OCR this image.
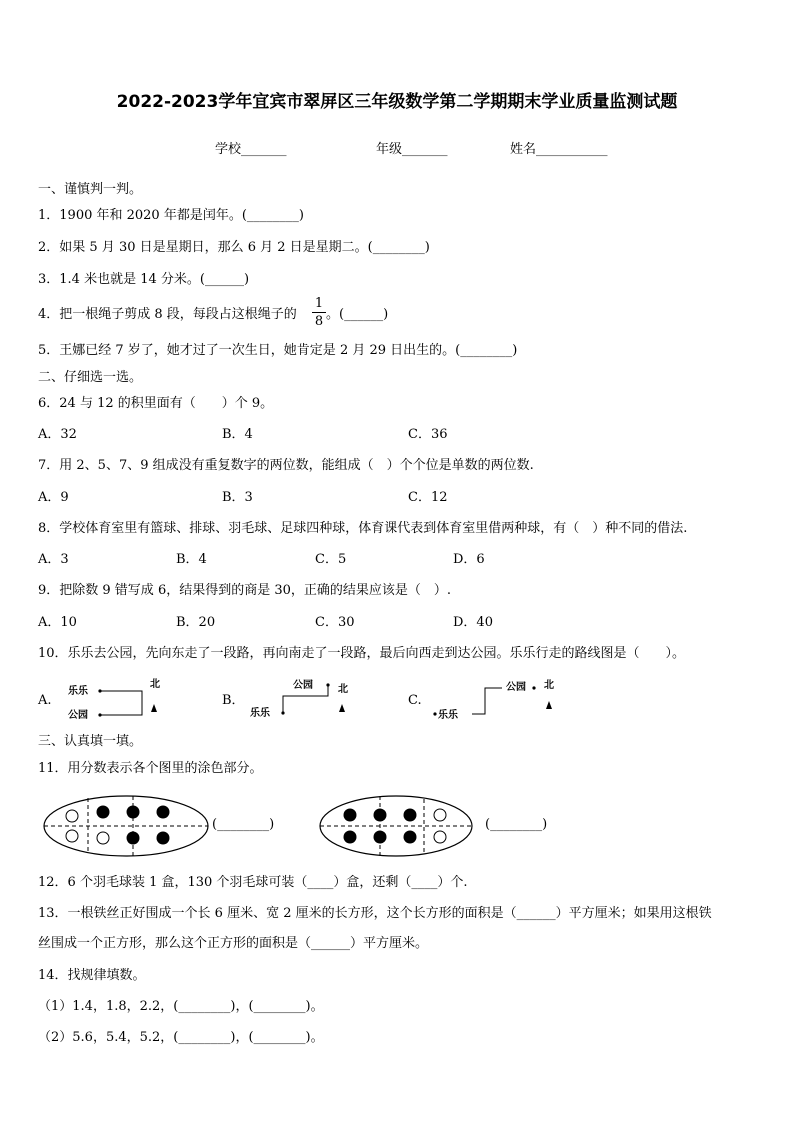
2022-2023学年宜宾市翠屏区三年级数学第二学期期末学业质量监测试题
学校_______	年级_______	姓名___________
一、谨慎判一判。
1．1900 年和 2020 年都是闰年。(________)
2．如果 5 月 30 日是星期日，那么 6 月 2 日是星期二。(________)
3．1.4 米也就是 14 分米。(______)
4．把一根绳子剪成 8 段，每段占这根绳子的
1
8 。(______)
5．王娜已经 7 岁了，她才过了一次生日，她肯定是 2 月 29 日出生的。(________)
二、仔细选一选。
6．24 与 12 的积里面有（　　）个 9。
A．32	B．4	C．36
7．用 2、5、7、9 组成没有重复数字的两位数，能组成（　）个个位是单数的两位数.
A．9	B．3	C．12
8．学校体育室里有篮球、排球、羽毛球、足球四种球，体育课代表到体育室里借两种球，有（　）种不同的借法.
A．3	B．4	C．5	D．6
9．把除数 9 错写成 6，结果得到的商是 30，正确的结果应该是（　）.
A．10	B．20	C．30	D．40
10．乐乐去公园，先向东走了一段路，再向南走了一段路，最后向西走到达公园。乐乐行走的路线图是（　　）。
A.
乐乐
公园
北
B．
公园
乐乐
北
C.
公园
乐乐
北
三、认真填一填。
11．用分数表示各个图里的涂色部分。
(________)	(________)
12．6 个羽毛球装 1 盒，130 个羽毛球可装（____）盒，还剩（____）个.
13．一根铁丝正好围成一个长 6 厘米、宽 2 厘米的长方形，这个长方形的面积是（______）平方厘米；如果用这根铁
丝围成一个正方形，那么这个正方形的面积是（______）平方厘米。
14．找规律填数。
（1）1.4，1.8，2.2，(________)，(________)。
（2）5.6，5.4，5.2，(________)，(________)。
